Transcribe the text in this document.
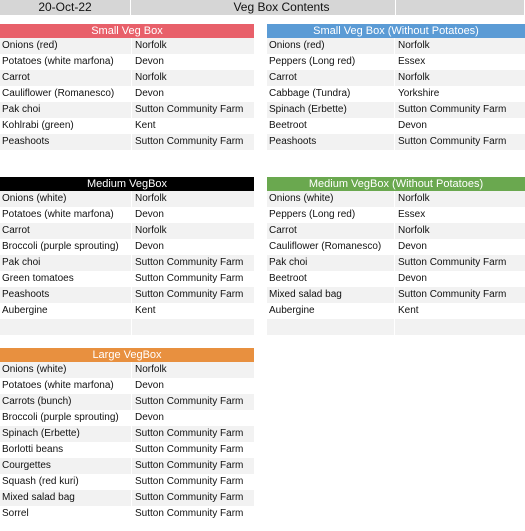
20-Oct-22	Veg Box Contents
Small Veg Box
Onions (red)	Norfolk
Potatoes (white marfona) Devon
Carrot	Norfolk
Cauliflower (Romanesco) Devon
Pak choi	Sutton Community Farm
Kohlrabi (green)	Kent
Peashoots	Sutton Community Farm
Small Veg Box (Without Potatoes)
Onions (red)	Norfolk
Peppers (Long red)	Essex
Carrot	Norfolk
Cabbage (Tundra)	Yorkshire
Spinach (Erbette)	Sutton Community Farm
Beetroot	Devon
Peashoots	Sutton Community Farm
Medium VegBox
Onions (white)	Norfolk
Potatoes (white marfona) Devon
Carrot	Norfolk
Broccoli (purple sprouting) Devon
Pak choi	Sutton Community Farm
Green tomatoes	Sutton Community Farm
Peashoots	Sutton Community Farm
Aubergine	Kent
Medium VegBox (Without Potatoes)
Onions (white)	Norfolk
Peppers (Long red)	Essex
Carrot	Norfolk
Cauliflower (Romanesco) Devon
Pak choi	Sutton Community Farm
Beetroot	Devon
Mixed salad bag	Sutton Community Farm
Aubergine	Kent
Large VegBox
Onions (white)	Norfolk
Potatoes (white marfona) Devon
Carrots (bunch)	Sutton Community Farm
Broccoli (purple sprouting) Devon
Spinach (Erbette)	Sutton Community Farm
Borlotti beans	Sutton Community Farm
Courgettes	Sutton Community Farm
Squash (red kuri)	Sutton Community Farm
Mixed salad bag	Sutton Community Farm
Sorrel	Sutton Community Farm
